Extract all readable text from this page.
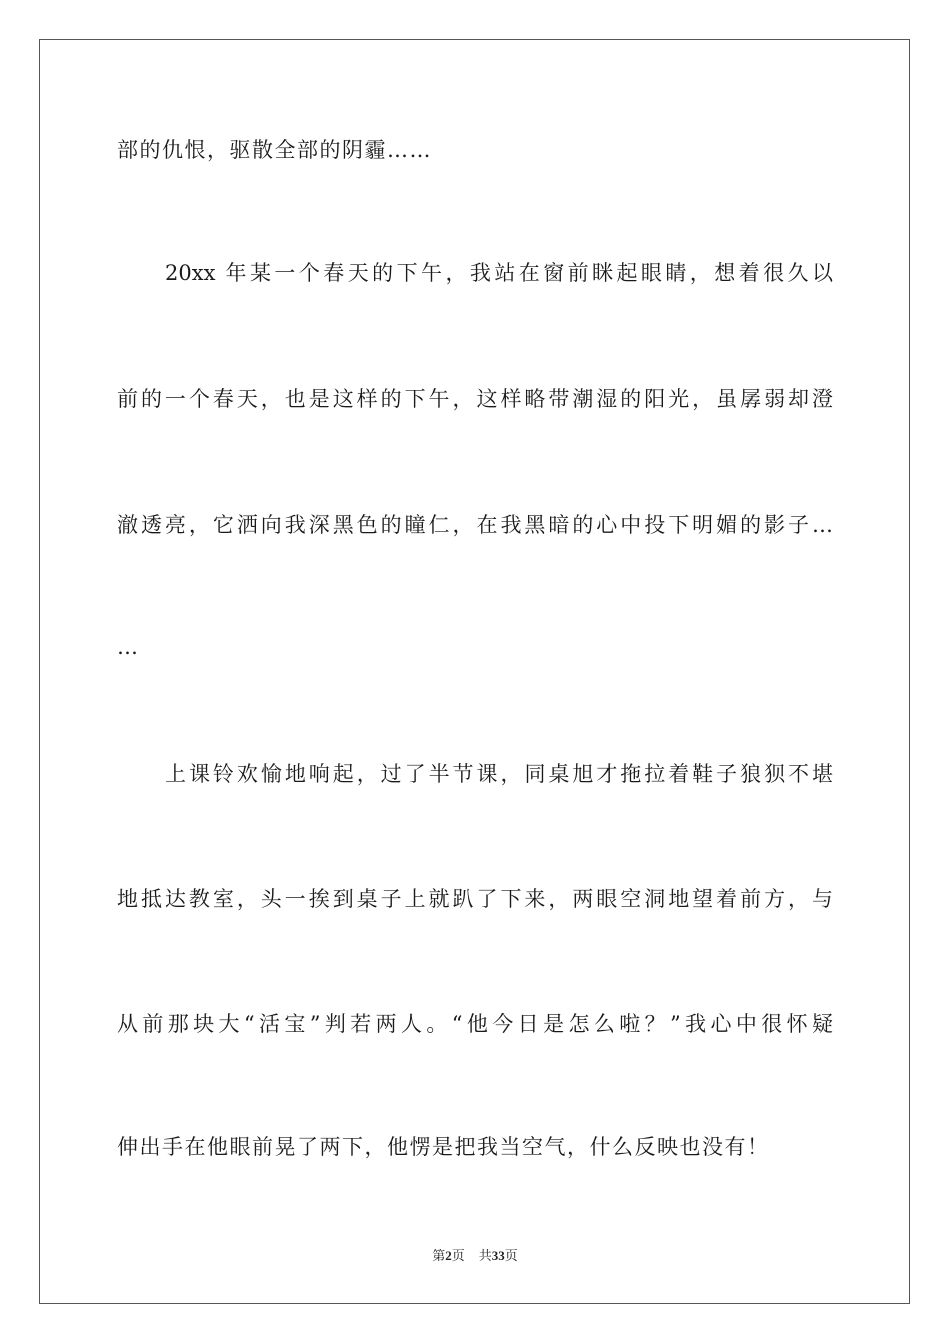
部的仇恨，驱散全部的阴霾……
20xx 年某一个春天的下午，我站在窗前眯起眼睛，想着很久以
前的一个春天，也是这样的下午，这样略带潮湿的阳光，虽孱弱却澄
澈透亮，它洒向我深黑色的瞳仁，在我黑暗的心中投下明媚的影子…
…
上课铃欢愉地响起，过了半节课，同桌旭才拖拉着鞋子狼狈不堪
地抵达教室，头一挨到桌子上就趴了下来，两眼空洞地望着前方，与
从前那块大“活宝”判若两人。“他今日是怎么啦？”我心中很怀疑
伸出手在他眼前晃了两下，他愣是把我当空气，什么反映也没有！
第2页 共33页
